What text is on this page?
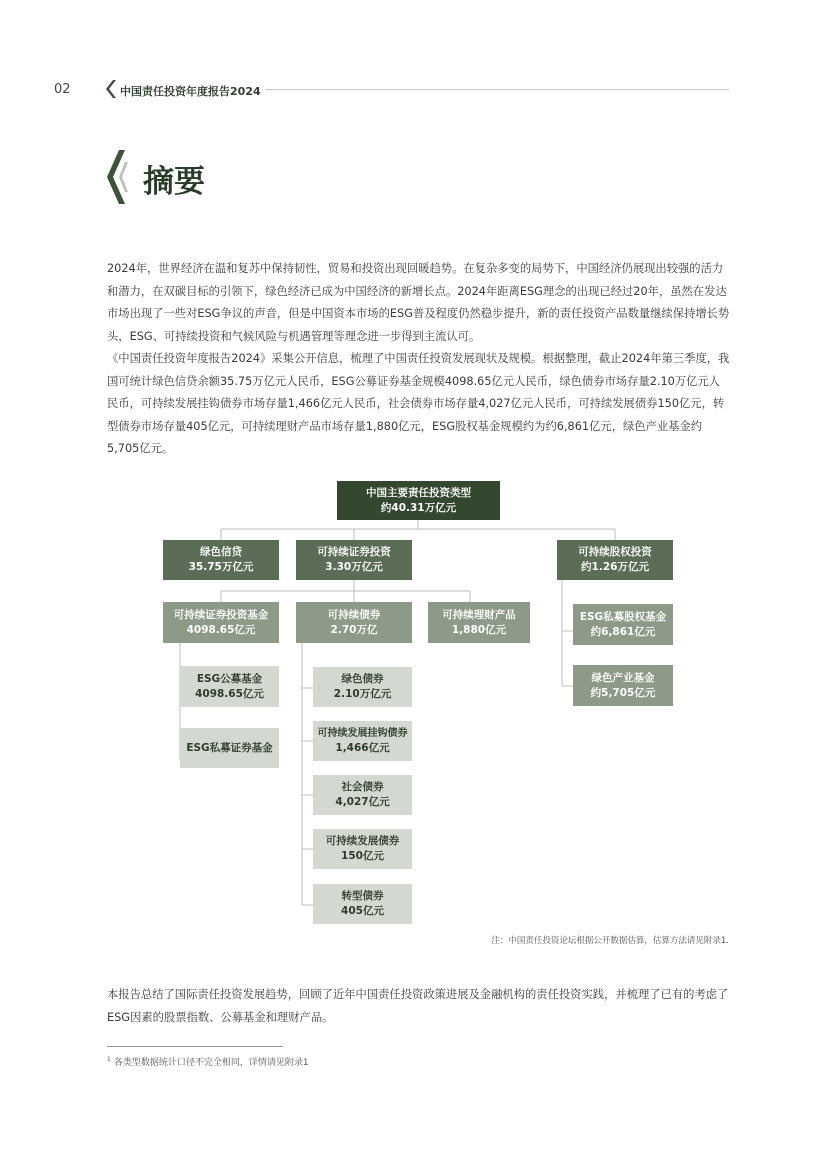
02	中国责任投资年度报告2024
摘要

2024年，世界经济在温和复苏中保持韧性，贸易和投资出现回暖趋势。在复杂多变的局势下，中国经济仍展现出较强的活力和潜力，在双碳目标的引领下，绿色经济已成为中国经济的新增长点。2024年距离ESG理念的出现已经过20年，虽然在发达市场出现了一些对ESG争议的声音，但是中国资本市场的ESG普及程度仍然稳步提升，新的责任投资产品数量继续保持增长势头，ESG、可持续投资和气候风险与机遇管理等理念进一步得到主流认可。

《中国责任投资年度报告2024》采集公开信息，梳理了中国责任投资发展现状及规模。根据整理，截止2024年第三季度，我国可统计绿色信贷余额35.75万亿元人民币，ESG公募证券基金规模4098.65亿元人民币，绿色债券市场存量2.10万亿元人民币，可持续发展挂钩债券市场存量1,466亿元人民币，社会债券市场存量4,027亿元人民币，可持续发展债券150亿元，转型债券市场存量405亿元，可持续理财产品市场存量1,880亿元，ESG股权基金规模约为约6,861亿元，绿色产业基金约5,705亿元。

中国主要责任投资类型
约40.31万亿元
绿色信贷
35.75万亿元
可持续证券投资
3.30万亿元
可持续股权投资
约1.26万亿元
可持续证券投资基金
4098.65亿元
可持续债券
2.70万亿
可持续理财产品
1,880亿元
ESG私募股权基金
约6,861亿元
绿色产业基金
约5,705亿元
ESG公募基金
4098.65亿元
ESG私募证券基金
绿色债券
2.10万亿元
可持续发展挂钩债券
1,466亿元
社会债券
4,027亿元
可持续发展债券
150亿元
转型债券
405亿元

注：中国责任投资论坛根据公开数据估算，估算方法请见附录1.

本报告总结了国际责任投资发展趋势，回顾了近年中国责任投资政策进展及金融机构的责任投资实践，并梳理了已有的考虑了ESG因素的股票指数、公募基金和理财产品。

$^1$ 各类型数据统计口径不完全相同，详情请见附录1
